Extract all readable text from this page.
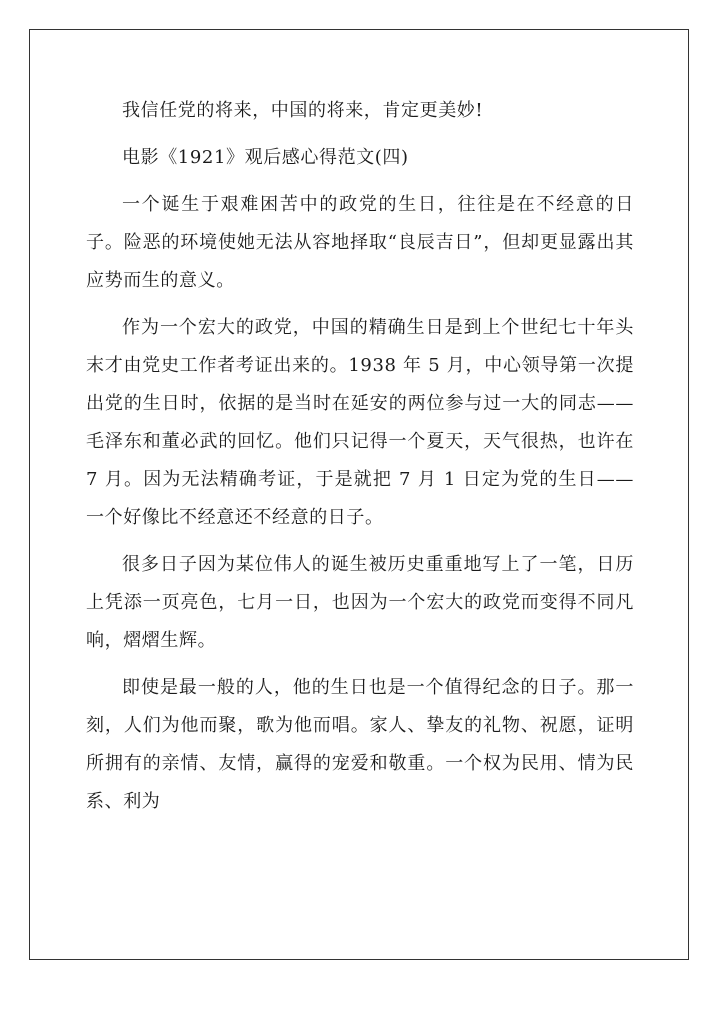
我信任党的将来，中国的将来，肯定更美妙!

电影《1921》观后感心得范文(四)

一个诞生于艰难困苦中的政党的生日，往往是在不经意的日子。险恶的环境使她无法从容地择取“良辰吉日”，但却更显露出其应势而生的意义。

作为一个宏大的政党，中国的精确生日是到上个世纪七十年头末才由党史工作者考证出来的。1938 年 5 月，中心领导第一次提出党的生日时，依据的是当时在延安的两位参与过一大的同志——毛泽东和董必武的回忆。他们只记得一个夏天，天气很热，也许在 7 月。因为无法精确考证，于是就把 7 月 1 日定为党的生日——一个好像比不经意还不经意的日子。

很多日子因为某位伟人的诞生被历史重重地写上了一笔，日历上凭添一页亮色，七月一日，也因为一个宏大的政党而变得不同凡响，熠熠生辉。

即使是最一般的人，他的生日也是一个值得纪念的日子。那一刻，人们为他而聚，歌为他而唱。家人、挚友的礼物、祝愿，证明所拥有的亲情、友情，赢得的宠爱和敬重。一个权为民用、情为民系、利为
